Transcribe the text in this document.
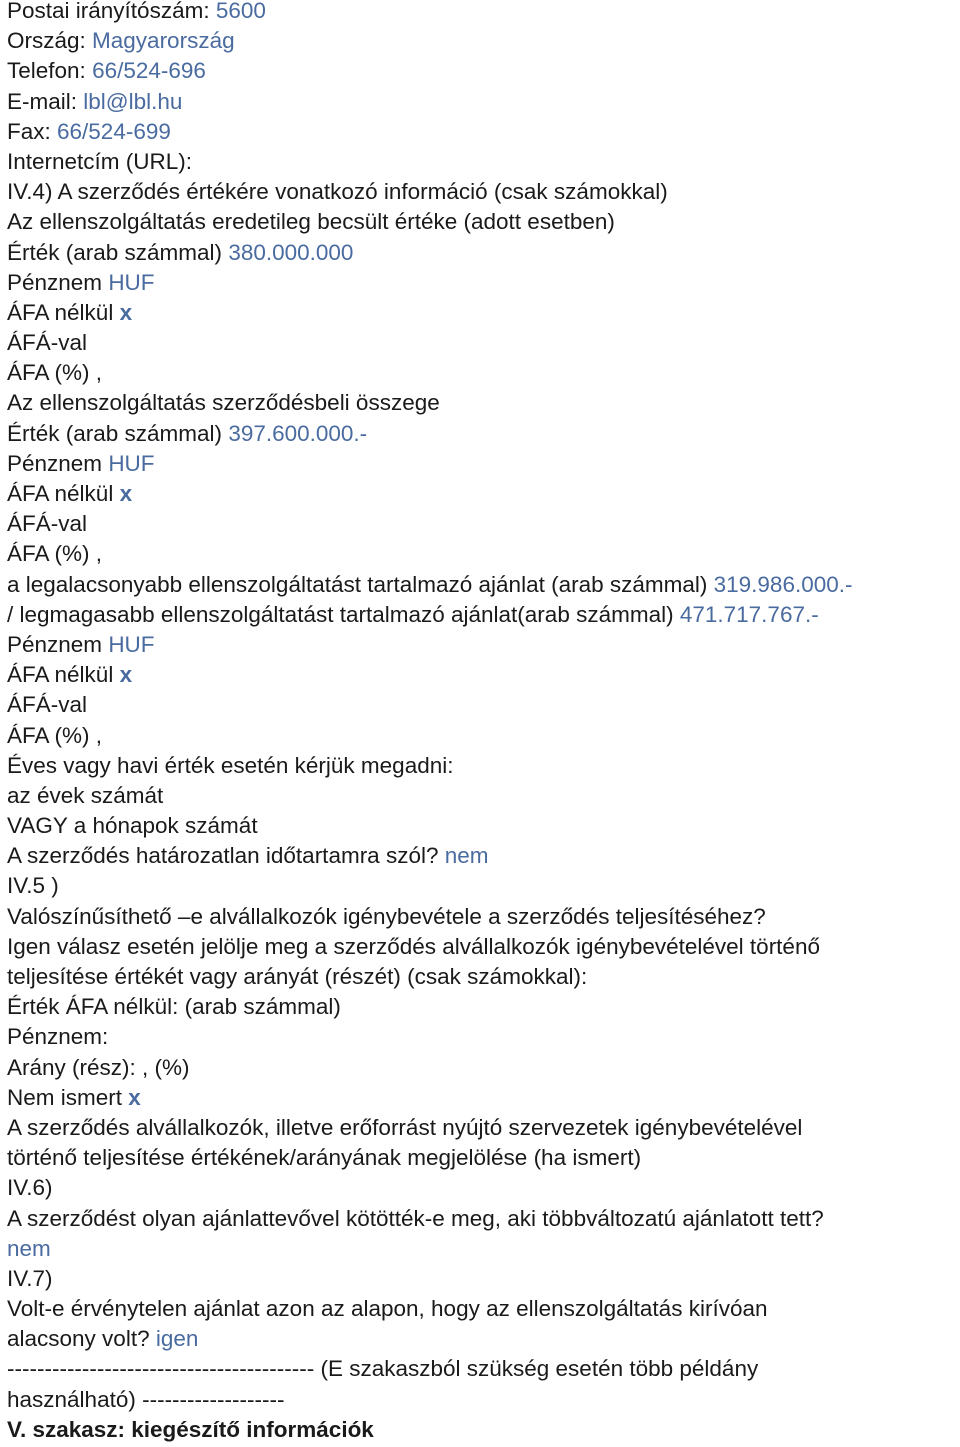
Postai irányítószám: 5600
Ország: Magyarország
Telefon: 66/524-696
E-mail: lbl@lbl.hu
Fax: 66/524-699
Internetcím (URL):
IV.4) A szerződés értékére vonatkozó információ (csak számokkal)
Az ellenszolgáltatás eredetileg becsült értéke (adott esetben)
Érték (arab számmal) 380.000.000
Pénznem HUF
ÁFA nélkül x
ÁFÁ-val
ÁFA (%) ,
Az ellenszolgáltatás szerződésbeli összege
Érték (arab számmal) 397.600.000.-
Pénznem HUF
ÁFA nélkül x
ÁFÁ-val
ÁFA (%) ,
a legalacsonyabb ellenszolgáltatást tartalmazó ajánlat (arab számmal) 319.986.000.-
/ legmagasabb ellenszolgáltatást tartalmazó ajánlat(arab számmal) 471.717.767.-
Pénznem HUF
ÁFA nélkül x
ÁFÁ-val
ÁFA (%) ,
Éves vagy havi érték esetén kérjük megadni:
az évek számát
VAGY a hónapok számát
A szerződés határozatlan időtartamra szól? nem
IV.5 )
Valószínűsíthető –e alvállalkozók igénybevétele a szerződés teljesítéséhez?
Igen válasz esetén jelölje meg a szerződés alvállalkozók igénybevételével történő
teljesítése értékét vagy arányát (részét) (csak számokkal):
Érték ÁFA nélkül: (arab számmal)
Pénznem:
Arány (rész): , (%)
Nem ismert x
A szerződés alvállalkozók, illetve erőforrást nyújtó szervezetek igénybevételével
történő teljesítése értékének/arányának megjelölése (ha ismert)
IV.6)
A szerződést olyan ajánlattevővel kötötték-e meg, aki többváltozatú ajánlatott tett?
nem
IV.7)
Volt-e érvénytelen ajánlat azon az alapon, hogy az ellenszolgáltatás kirívóan
alacsony volt? igen
----------------------------------------- (E szakaszból szükség esetén több példány
használható) -------------------
V. szakasz: kiegészítő információk
